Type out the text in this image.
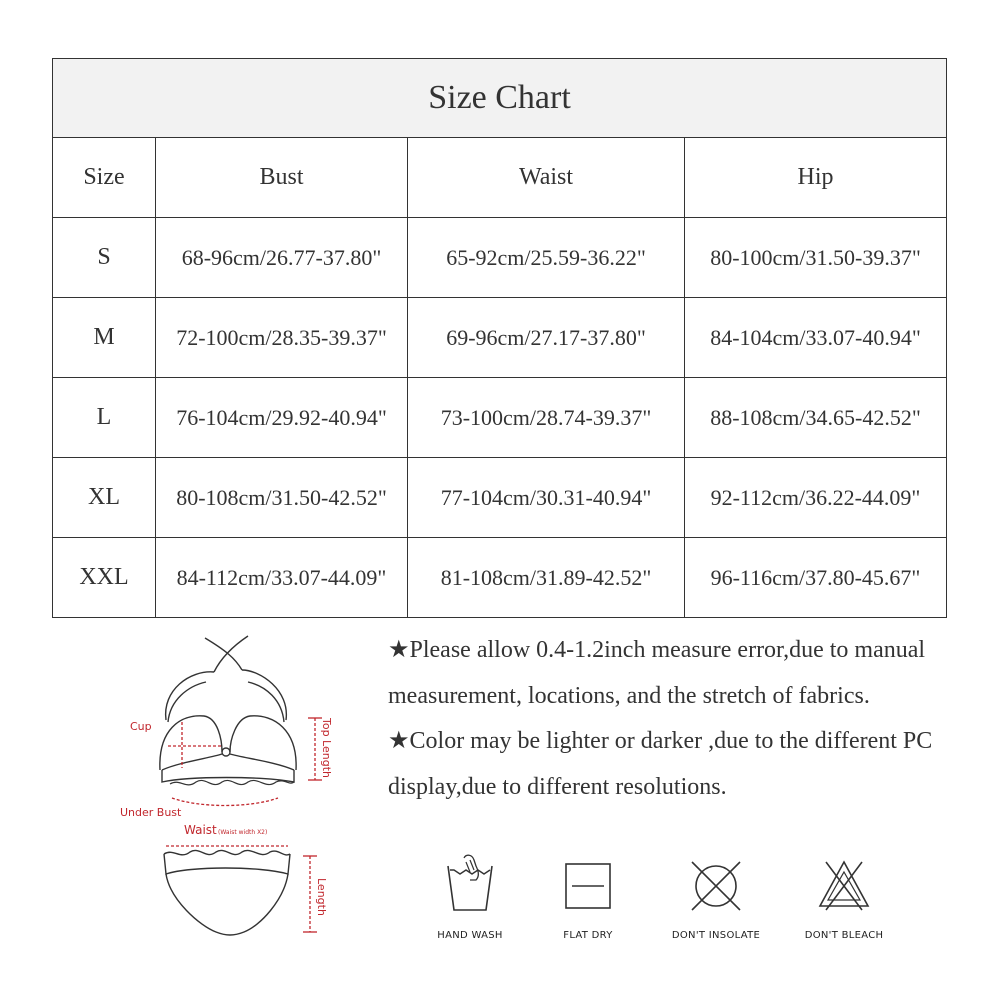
Size Chart			
Size	Bust	Waist	Hip
S	68-96cm/26.77-37.80"	65-92cm/25.59-36.22"	80-100cm/31.50-39.37"
M	72-100cm/28.35-39.37"	69-96cm/27.17-37.80"	84-104cm/33.07-40.94"
L	76-104cm/29.92-40.94"	73-100cm/28.74-39.37"	88-108cm/34.65-42.52"
XL	80-108cm/31.50-42.52"	77-104cm/30.31-40.94"	92-112cm/36.22-44.09"
XXL	84-112cm/33.07-44.09"	81-108cm/31.89-42.52"	96-116cm/37.80-45.67"
Cup	Top Length
Under Bust
Waist (Waist width X2)
Length

★Please allow 0.4-1.2inch measure error,due to manual measurement, locations, and the stretch of fabrics.

★Color may be lighter or darker ,due to the different PC display,due to different resolutions.

HAND WASH	FLAT DRY	DON'T INSOLATE	DON'T BLEACH
